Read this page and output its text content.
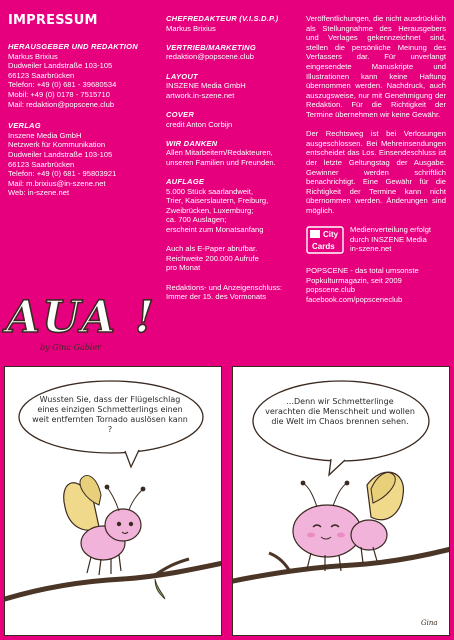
IMPRESSUM
HERAUSGEBER UND REDAKTION
Markus Brixius
Dudweiler Landstraße 103-105
66123 Saarbrücken
Telefon: +49 (0) 681 - 39680534
Mobil: +49 (0) 0178 - 7515710
Mail: redaktion@popscene.club
VERLAG
Inszene Media GmbH
Netzwerk für Kommunikation
Dudweiler Landstraße 103-105
66123 Saarbrücken
Telefon: +49 (0) 681 - 95803921
Mail: m.brixius@in-szene.net
Web: in-szene.net
CHEFREDAKTEUR (V.I.S.D.P.)
Markus Brixius
VERTRIEB/MARKETING
redaktion@popscene.club
LAYOUT
INSZENE Media GmbH
artwork.in-szene.net
COVER
credit Anton Corbijn
WIR DANKEN
Allen Mitarbeitern/Redakteuren,
unseren Familien und Freunden.
AUFLAGE
5.000 Stück saarlandweit,
Trier, Kaiserslautern, Freiburg,
Zweibrücken, Luxemburg;
ca. 700 Auslagen;
erscheint zum Monatsanfang
Auch als E-Paper abrufbar.
Reichweite 200.000 Aufrufe
pro Monat
Redaktions- und Anzeigenschluss:
Immer der 15. des Vormonats
Veröffentlichungen, die nicht ausdrücklich als Stellungnahme des Herausgebers und Verlages gekennzeichnet sind, stellen die persönliche Meinung des Verfassers dar. Für unverlangt eingesendete Manuskripte und Illustrationen kann keine Haftung übernommen werden. Nachdruck, auch auszugsweise, nur mit Genehmigung der Redaktion. Für die Richtigkeit der Termine übernehmen wir keine Gewähr.
Der Rechtsweg ist bei Verlosungen ausgeschlossen. Bei Mehreinsendungen entscheidet das Los. Einsendeschluss ist der letzte Geltungstag der Ausgabe. Gewinner werden schriftlich benachrichtigt. Eine Gewähr für die Richtigkeit der Termine kann nicht übernommen werden. Änderungen sind möglich.
City
Cards
Medienverteilung erfolgt
durch INSZENE Media
in-szene.net
POPSCENE - das total umsonste
Popkulturmagazin, seit 2009
popscene.club
facebook.com/popsceneclub
AUA !
by Gina Gabler
Wussten Sie, dass der Flügelschlag eines einzigen Schmetterlings einen weit entfernten Tornado auslösen kann ?
Gina
...Denn wir Schmetterlinge verachten die Menschheit und wollen die Welt im Chaos brennen sehen.
